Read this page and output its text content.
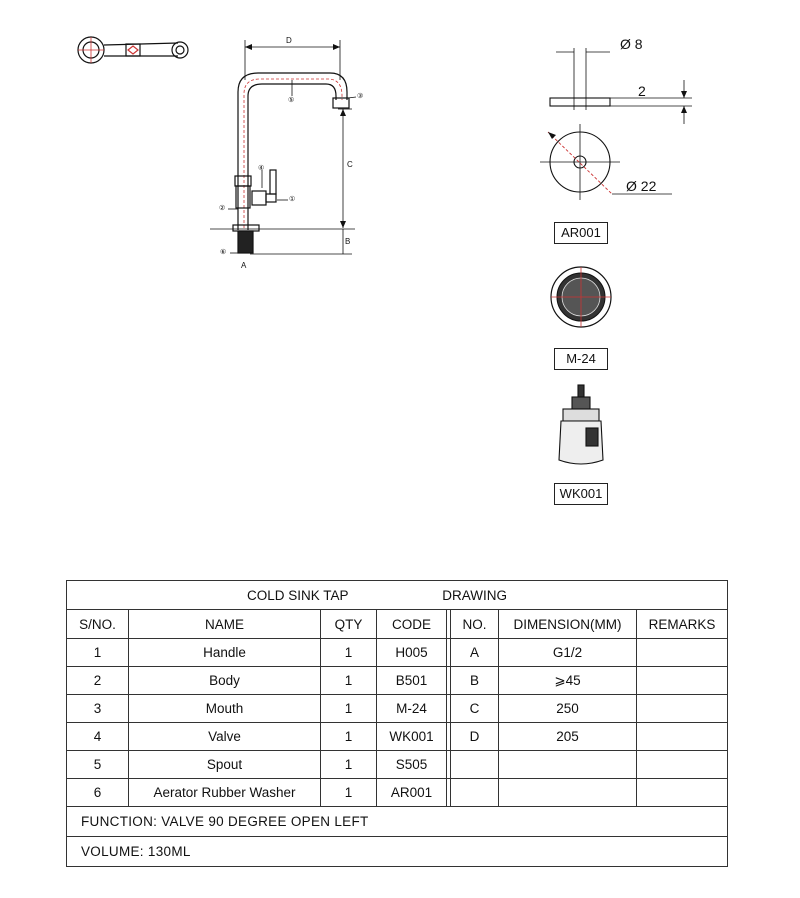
D
C
B
A
①
②
③
④
⑤
⑥
Ø 8
2
Ø 22
AR001
M-24
WK001
COLD SINK TAP DRAWING							
S/NO.	NAME	QTY	CODE		NO.	DIMENSION(MM)	REMARKS
1	Handle	1	H005		A	G1/2	
2	Body	1	B501		B	⩾45	
3	Mouth	1	M-24		C	250	
4	Valve	1	WK001		D	205	
5	Spout	1	S505				
6	Aerator Rubber Washer	1	AR001				
FUNCTION: VALVE 90 DEGREE OPEN LEFT							
VOLUME: 130ML							
